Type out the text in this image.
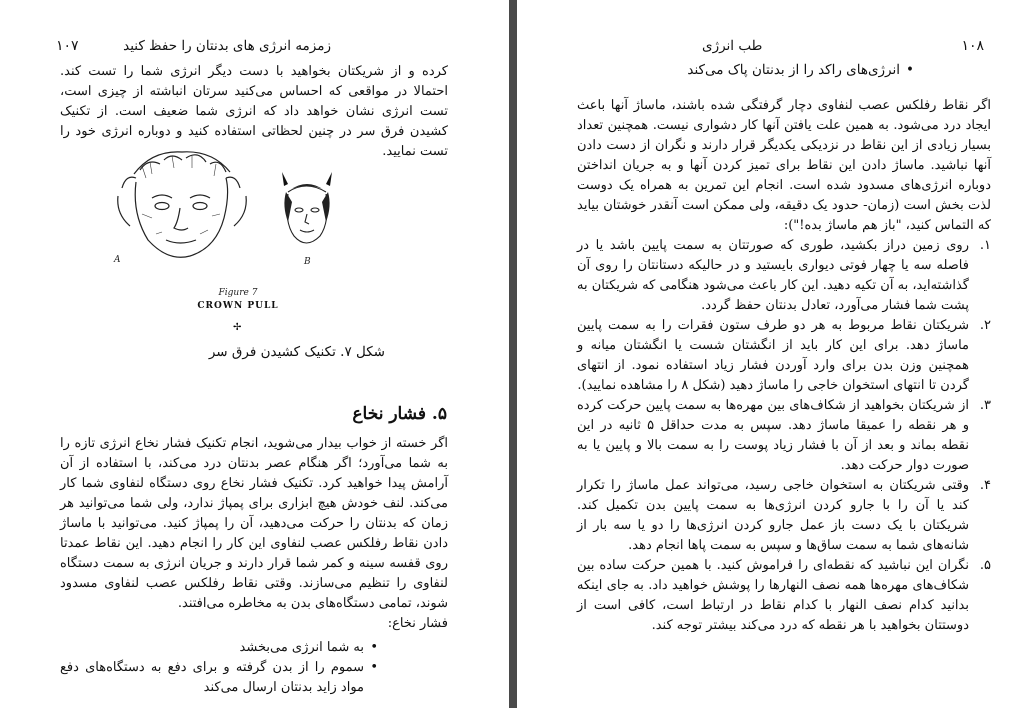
۱۰۷	زمزمه انرژی های بدنتان را حفظ کنید

کرده و از شریکتان بخواهید با دست دیگر انرژی شما را تست کند. احتمالا در مواقعی که احساس می‌کنید سرتان انباشته از چیزی است، تست انرژی نشان خواهد داد که انرژی شما ضعیف است. از تکنیک کشیدن فرق سر در چنین لحظاتی استفاده کنید و دوباره انرژی خود را تست نمایید.

A	B
Figure 7
CROWN PULL
✢
شکل ۷. تکنیک کشیدن فرق سر
۵. فشار نخاع

اگر خسته از خواب بیدار می‌شوید، انجام تکنیک فشار نخاع انرژی تازه را به شما می‌آورد؛ اگر هنگام عصر بدنتان درد می‌کند، با استفاده از آن آرامش پیدا خواهید کرد. تکنیک فشار نخاع روی دستگاه لنفاوی شما کار می‌کند. لنف خودش هیچ ابزاری برای پمپاژ ندارد، ولی شما می‌توانید هر زمان که بدنتان را حرکت می‌دهید، آن را پمپاژ کنید. می‌توانید با ماساژ دادن نقاط رفلکس عصب لنفاوی این کار را انجام دهید. این نقاط عمدتا روی قفسه سینه و کمر شما قرار دارند و جریان انرژی به سمت دستگاه لنفاوی را تنظیم می‌سازند. وقتی نقاط رفلکس عصب لنفاوی مسدود شوند، تمامی دستگاه‌های بدن به مخاطره می‌افتند.

فشار نخاع:

• به شما انرژی می‌بخشد
• سموم را از بدن گرفته و برای دفع به دستگاه‌های دفع مواد زاید بدنتان ارسال می‌کند
۱۰۸
طب انرژی
• انرژی‌های راکد را از بدنتان پاک می‌کند

اگر نقاط رفلکس عصب لنفاوی دچار گرفتگی شده باشند، ماساژ آنها باعث ایجاد درد می‌شود. به همین علت یافتن آنها کار دشواری نیست. همچنین تعداد بسیار زیادی از این نقاط در نزدیکی یکدیگر قرار دارند و نگران از دست دادن آنها نباشید. ماساژ دادن این نقاط برای تمیز کردن آنها و به جریان انداختن دوباره انرژی‌های مسدود شده است. انجام این تمرین به همراه یک دوست لذت بخش است (زمان- حدود یک دقیقه، ولی ممکن است آنقدر خوشتان بیاید که التماس کنید، "باز هم ماساژ بده!"):

۱.
روی زمین دراز بکشید، طوری که صورتتان به سمت پایین باشد یا در فاصله سه یا چهار فوتی دیواری بایستید و در حالیکه دستانتان را روی آن گذاشته‌اید، به آن تکیه دهید. این کار باعث می‌شود هنگامی که شریکتان به پشت شما فشار می‌آورد، تعادل بدنتان حفظ گردد.
۲.
شریکتان نقاط مربوط به هر دو طرف ستون فقرات را به سمت پایین ماساژ دهد. برای این کار باید از انگشتان شست یا انگشتان میانه و همچنین وزن بدن برای وارد آوردن فشار زیاد استفاده نمود. از انتهای گردن تا انتهای استخوان خاجی را ماساژ دهید (شکل ۸ را مشاهده نمایید).
۳.
از شریکتان بخواهید از شکاف‌های بین مهره‌ها به سمت پایین حرکت کرده و هر نقطه را عمیقا ماساژ دهد. سپس به مدت حداقل ۵ ثانیه در این نقطه بماند و بعد از آن با فشار زیاد پوست را به سمت بالا و پایین یا به صورت دوار حرکت دهد.
۴.
وقتی شریکتان به استخوان خاجی رسید، می‌تواند عمل ماساژ را تکرار کند یا آن را با جارو کردن انرژی‌ها به سمت پایین بدن تکمیل کند. شریکتان با یک دست باز عمل جارو کردن انرژی‌ها را دو یا سه بار از شانه‌های شما به سمت ساق‌ها و سپس به سمت پاها انجام دهد.
۵.
نگران این نباشید که نقطه‌ای را فراموش کنید. با همین حرکت ساده بین شکاف‌های مهره‌ها همه نصف النهارها را پوشش خواهید داد. به جای اینکه بدانید کدام نصف النهار با کدام نقاط در ارتباط است، کافی است از دوستتان بخواهید با هر نقطه که درد می‌کند بیشتر توجه کند.
